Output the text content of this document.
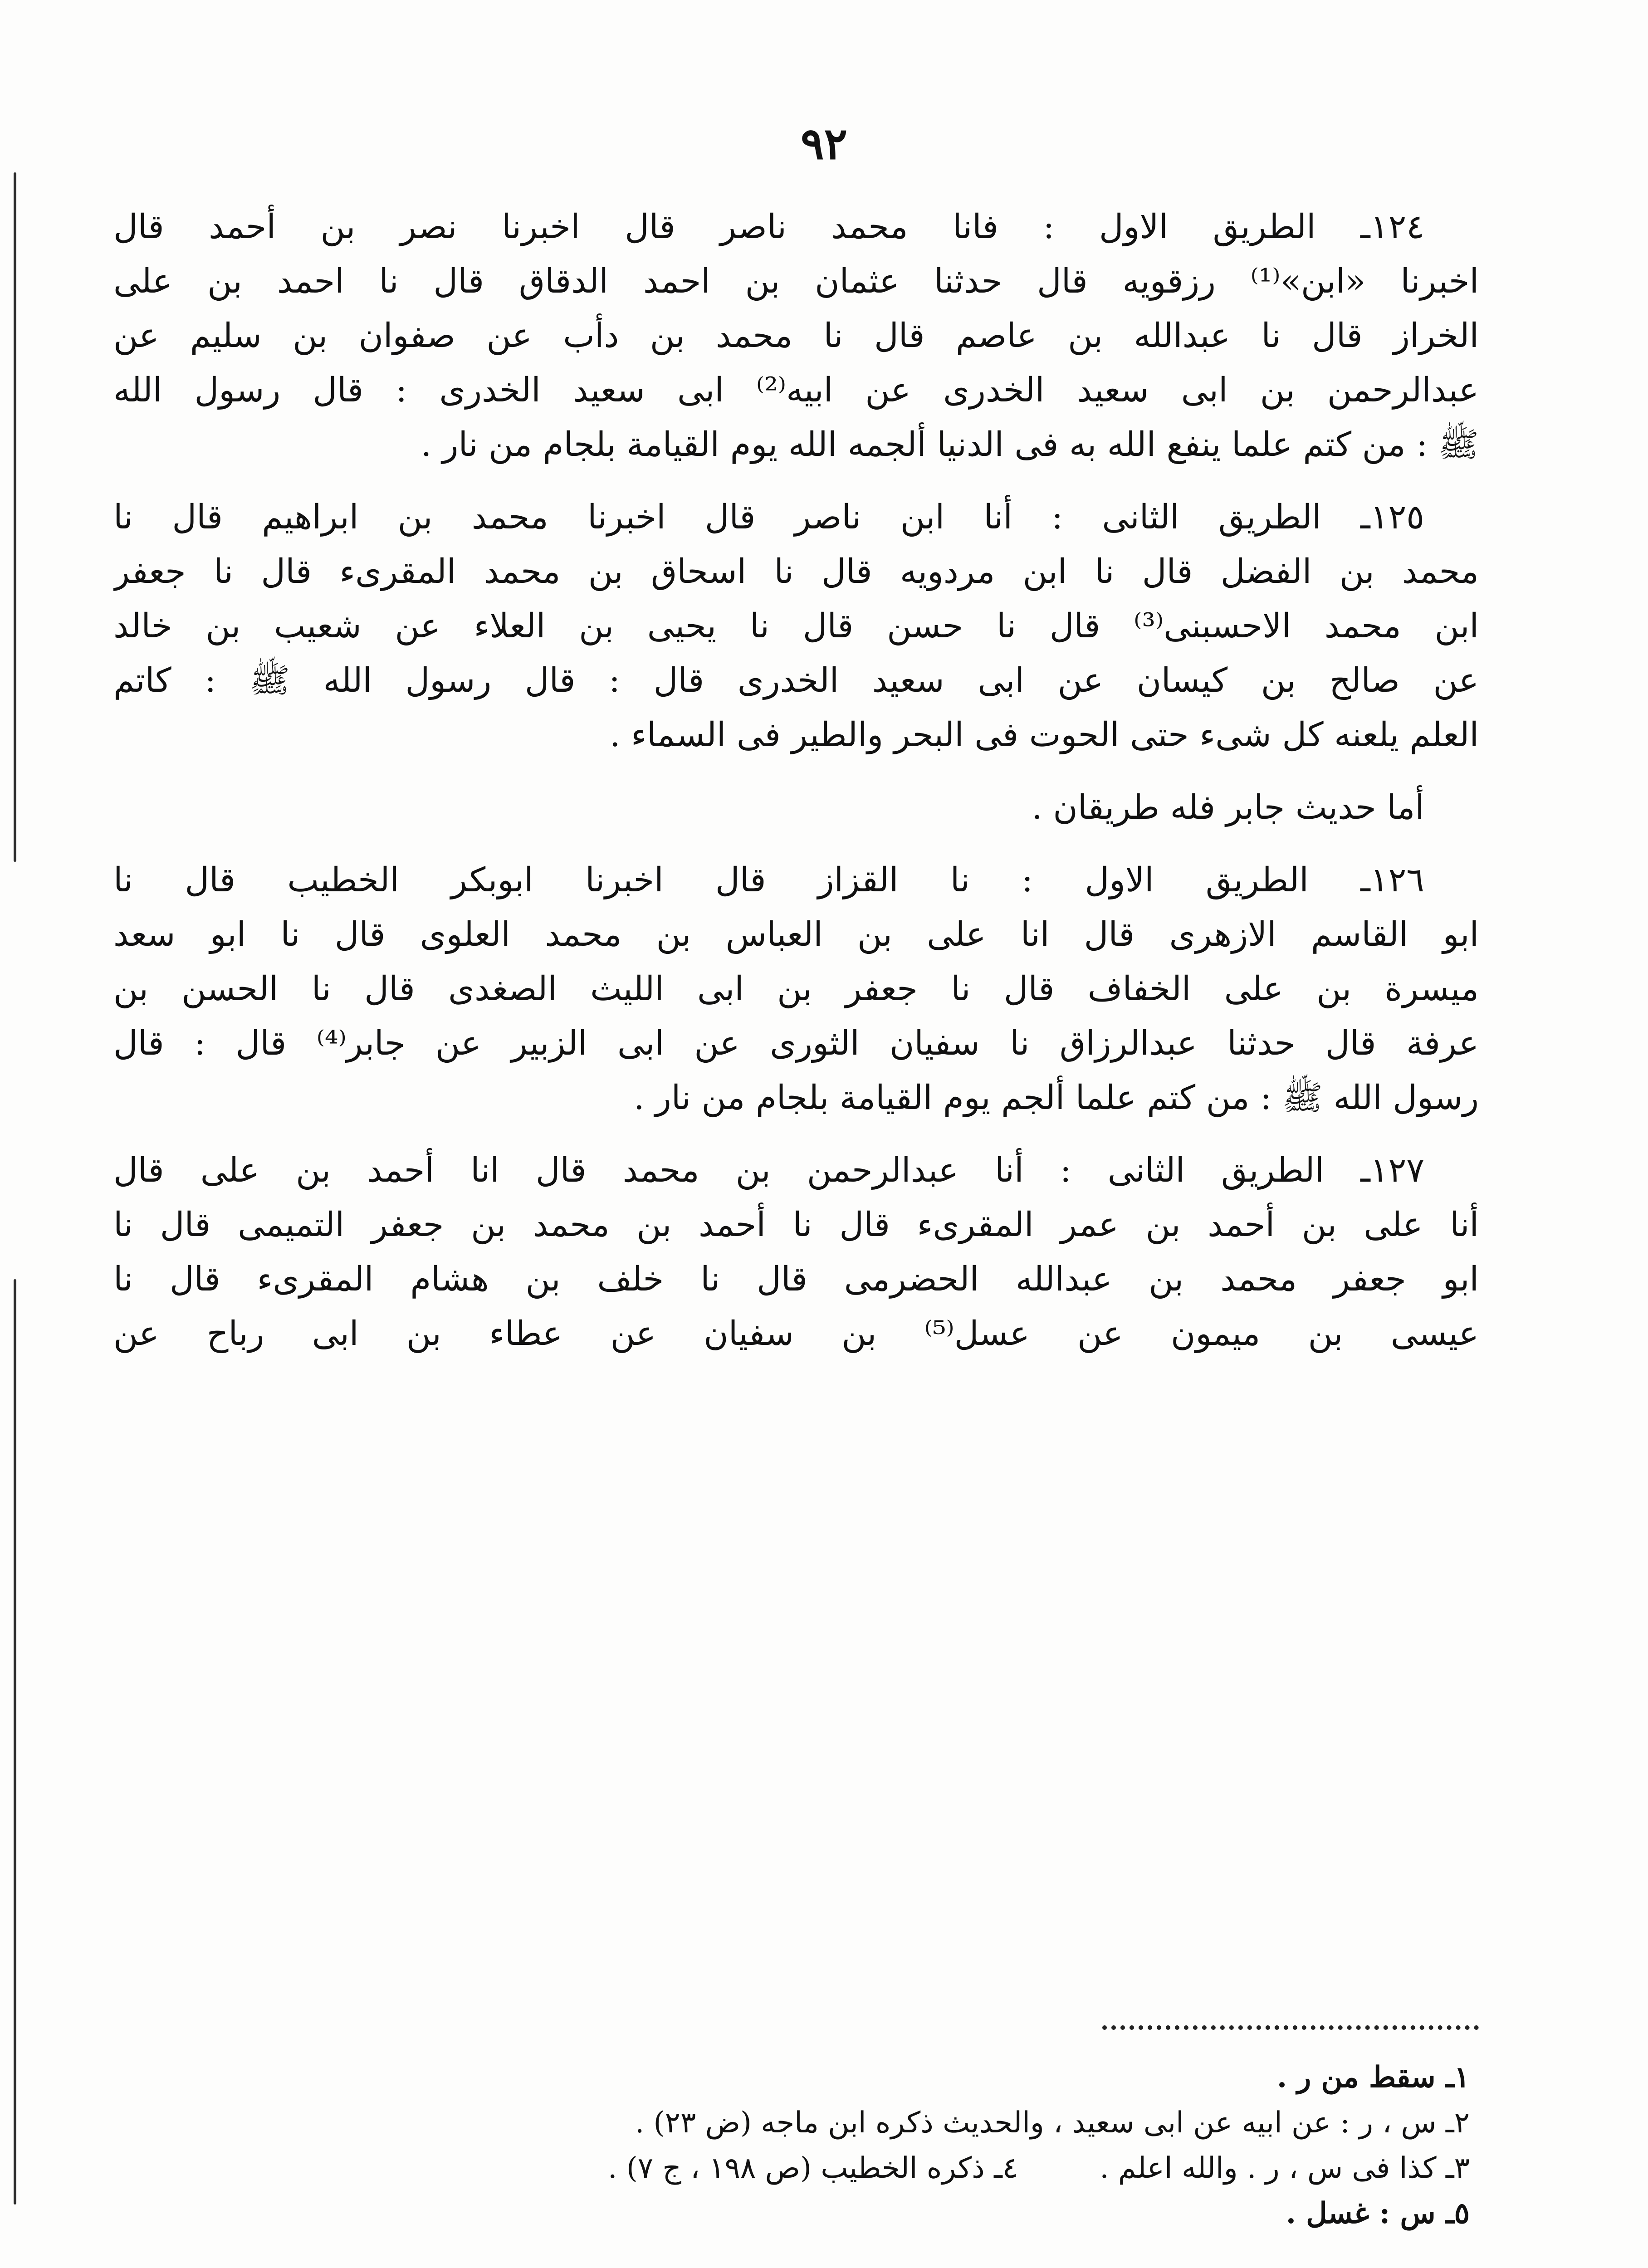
٩٢
١٢٤ـ الطريق الاول : فانا محمد ناصر قال اخبرنا نصر بن أحمد قال
اخبرنا «ابن»⁽¹⁾ رزقويه قال حدثنا عثمان بن احمد الدقاق قال نا احمد بن على
الخراز قال نا عبدالله بن عاصم قال نا محمد بن دأب عن صفوان بن سليم عن
عبدالرحمن بن ابى سعيد الخدرى عن ابيه⁽²⁾ ابى سعيد الخدرى : قال رسول الله
ﷺ : من كتم علما ينفع الله به فى الدنيا ألجمه الله يوم القيامة بلجام من نار .
١٢٥ـ الطريق الثانى : أنا ابن ناصر قال اخبرنا محمد بن ابراهيم قال نا
محمد بن الفضل قال نا ابن مردويه قال نا اسحاق بن محمد المقرىء قال نا جعفر
ابن محمد الاحسبنى⁽³⁾ قال نا حسن قال نا يحيى بن العلاء عن شعيب بن خالد
عن صالح بن كيسان عن ابى سعيد الخدرى قال : قال رسول الله ﷺ : كاتم
العلم يلعنه كل شىء حتى الحوت فى البحر والطير فى السماء .
أما حديث جابر فله طريقان .
١٢٦ـ الطريق الاول : نا القزاز قال اخبرنا ابوبكر الخطيب قال نا
ابو القاسم الازهرى قال انا على بن العباس بن محمد العلوى قال نا ابو سعد
ميسرة بن على الخفاف قال نا جعفر بن ابى الليث الصغدى قال نا الحسن بن
عرفة قال حدثنا عبدالرزاق نا سفيان الثورى عن ابى الزبير عن جابر⁽⁴⁾ قال : قال
رسول الله ﷺ : من كتم علما ألجم يوم القيامة بلجام من نار .
١٢٧ـ الطريق الثانى : أنا عبدالرحمن بن محمد قال انا أحمد بن على قال
أنا على بن أحمد بن عمر المقرىء قال نا أحمد بن محمد بن جعفر التميمى قال نا
ابو جعفر محمد بن عبدالله الحضرمى قال نا خلف بن هشام المقرىء قال نا
عيسى بن ميمون عن عسل⁽⁵⁾ بن سفيان عن عطاء بن ابى رباح عن
١ـ سقط من ر .
٢ـ س ، ر : عن ابيه عن ابى سعيد ، والحديث ذكره ابن ماجه (ض ٢٣) .
٣ـ كذا فى س ، ر . والله اعلم .٤ـ ذكره الخطيب (ص ١٩٨ ، ج ٧) .
٥ـ س : غسل .
